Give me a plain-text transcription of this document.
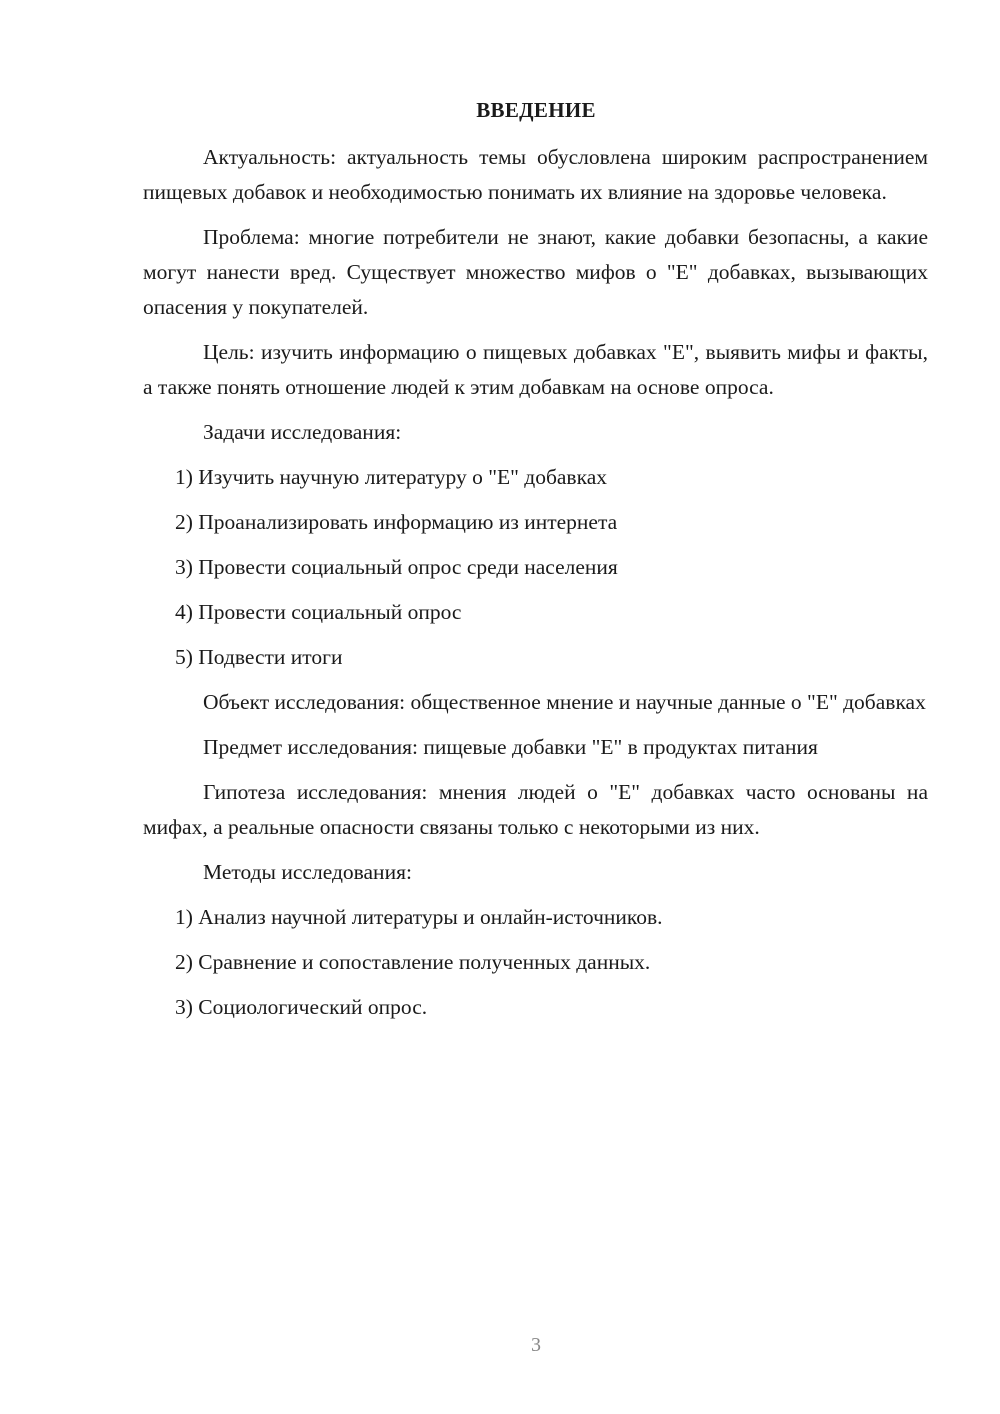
ВВЕДЕНИЕ

Актуальность: актуальность темы обусловлена широким распространением пищевых добавок и необходимостью понимать их влияние на здоровье человека.

Проблема: многие потребители не знают, какие добавки безопасны, а какие могут нанести вред. Существует множество мифов о "E" добавках, вызывающих опасения у покупателей.

Цель: изучить информацию о пищевых добавках "E", выявить мифы и факты, а также понять отношение людей к этим добавкам на основе опроса.

Задачи исследования:

1) Изучить научную литературу о "E" добавках

2) Проанализировать информацию из интернета

3) Провести социальный опрос среди населения

4) Провести социальный опрос

5) Подвести итоги

Объект исследования: общественное мнение и научные данные о "E" добавках

Предмет исследования: пищевые добавки "E" в продуктах питания

Гипотеза исследования: мнения людей о "E" добавках часто основаны на мифах, а реальные опасности связаны только с некоторыми из них.

Методы исследования:

1) Анализ научной литературы и онлайн-источников.

2) Сравнение и сопоставление полученных данных.

3) Социологический опрос.

3
